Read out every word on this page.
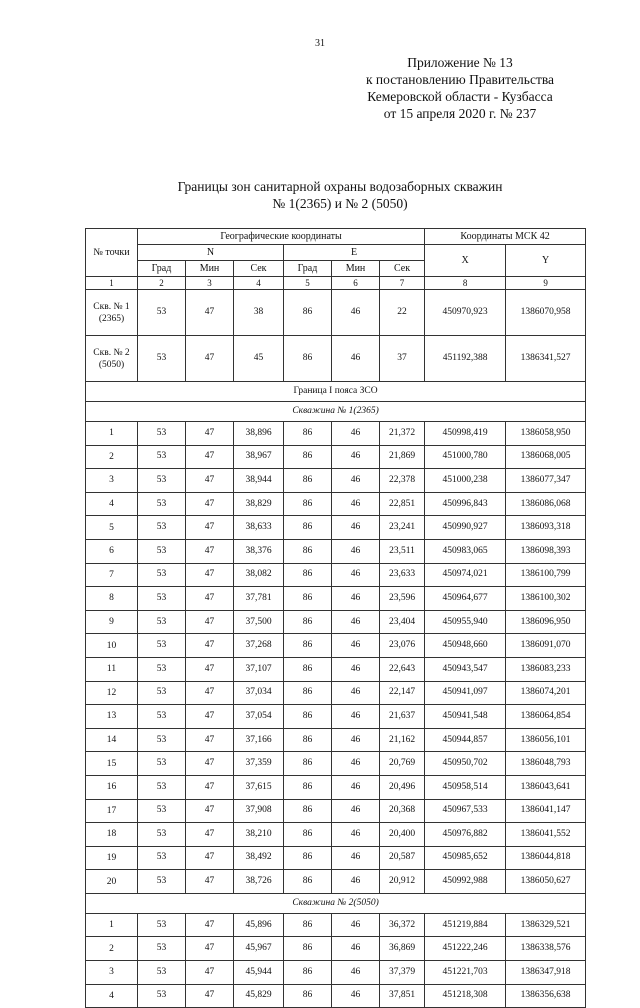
31
Приложение № 13
к постановлению Правительства
Кемеровской области - Кузбасса
от 15 апреля 2020 г. № 237
Границы зон санитарной охраны водозаборных скважин
№ 1(2365) и № 2 (5050)
№ точки	Географические координаты						Координаты МСК 42	
	N			E			X	Y
	Град	Мин	Сек	Град	Мин	Сек		
1	2	3	4	5	6	7	8	9
Скв. № 1 (2365)	53	47	38	86	46	22	450970,923	1386070,958
Скв. № 2 (5050)	53	47	45	86	46	37	451192,388	1386341,527
Граница I пояса ЗСО								
Скважина № 1(2365)								
1	53	47	38,896	86	46	21,372	450998,419	1386058,950
2	53	47	38,967	86	46	21,869	451000,780	1386068,005
3	53	47	38,944	86	46	22,378	451000,238	1386077,347
4	53	47	38,829	86	46	22,851	450996,843	1386086,068
5	53	47	38,633	86	46	23,241	450990,927	1386093,318
6	53	47	38,376	86	46	23,511	450983,065	1386098,393
7	53	47	38,082	86	46	23,633	450974,021	1386100,799
8	53	47	37,781	86	46	23,596	450964,677	1386100,302
9	53	47	37,500	86	46	23,404	450955,940	1386096,950
10	53	47	37,268	86	46	23,076	450948,660	1386091,070
11	53	47	37,107	86	46	22,643	450943,547	1386083,233
12	53	47	37,034	86	46	22,147	450941,097	1386074,201
13	53	47	37,054	86	46	21,637	450941,548	1386064,854
14	53	47	37,166	86	46	21,162	450944,857	1386056,101
15	53	47	37,359	86	46	20,769	450950,702	1386048,793
16	53	47	37,615	86	46	20,496	450958,514	1386043,641
17	53	47	37,908	86	46	20,368	450967,533	1386041,147
18	53	47	38,210	86	46	20,400	450976,882	1386041,552
19	53	47	38,492	86	46	20,587	450985,652	1386044,818
20	53	47	38,726	86	46	20,912	450992,988	1386050,627
Скважина № 2(5050)								
1	53	47	45,896	86	46	36,372	451219,884	1386329,521
2	53	47	45,967	86	46	36,869	451222,246	1386338,576
3	53	47	45,944	86	46	37,379	451221,703	1386347,918
4	53	47	45,829	86	46	37,851	451218,308	1386356,638
